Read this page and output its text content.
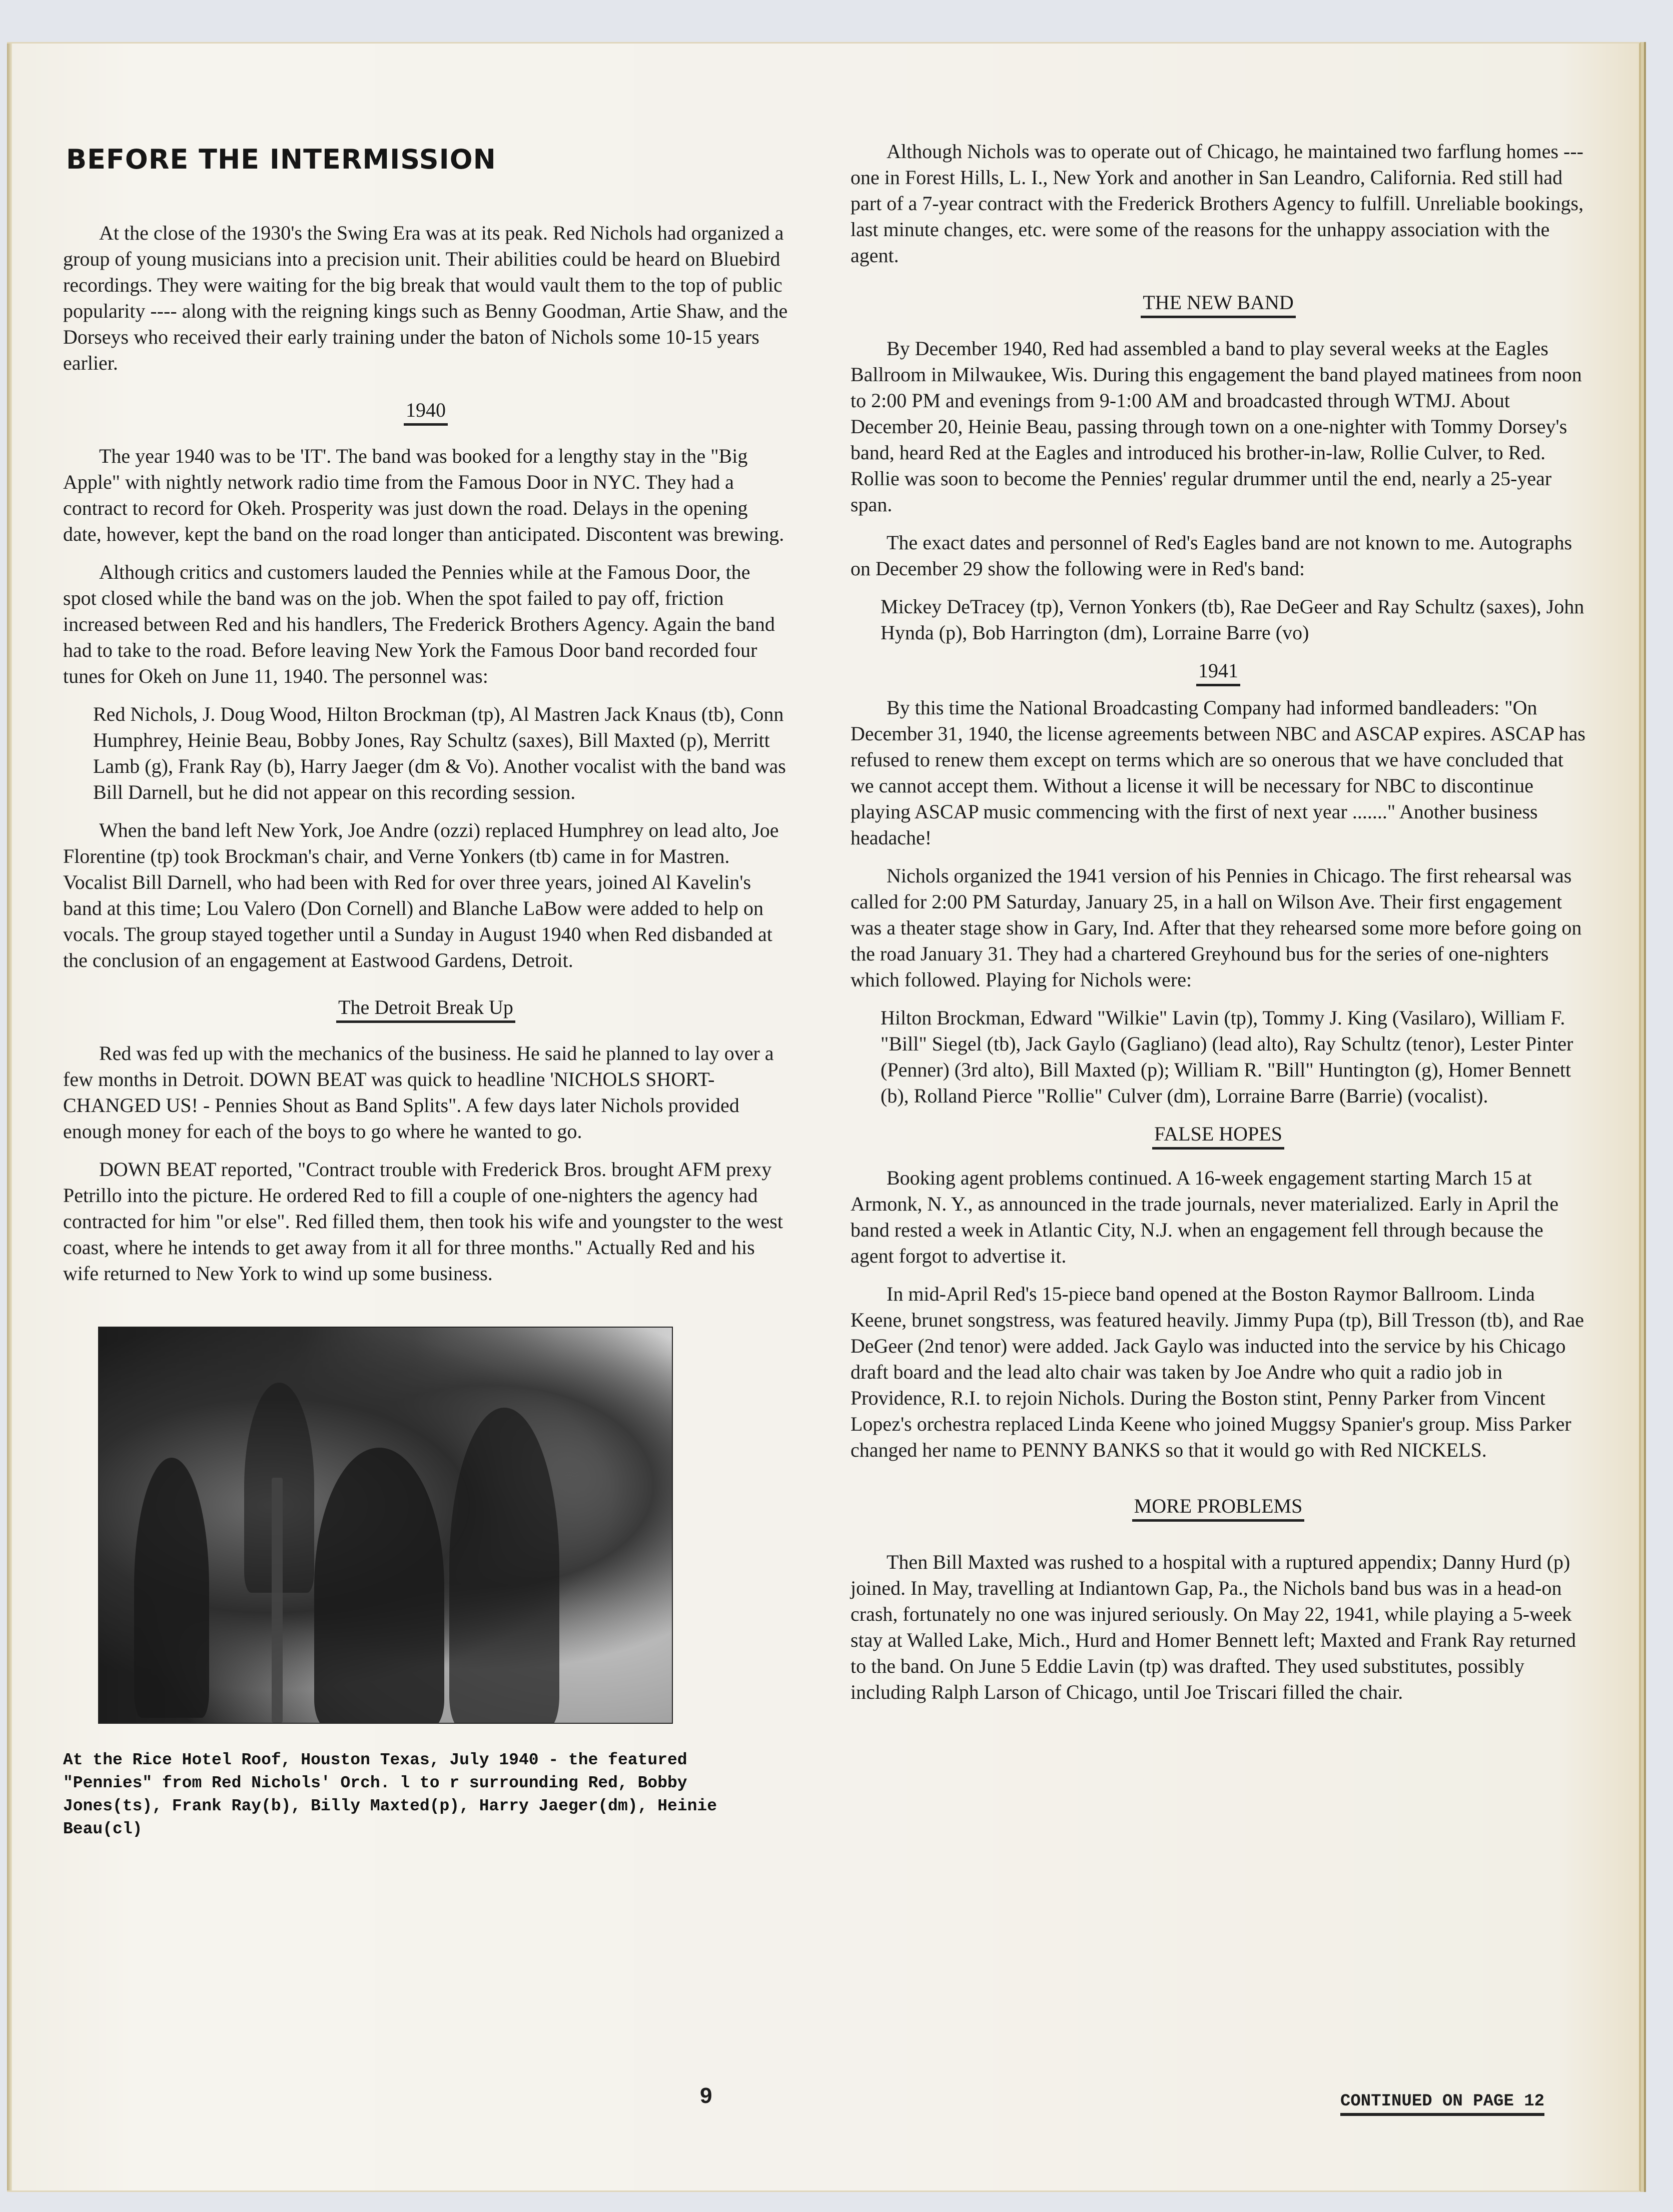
BEFORE THE INTERMISSION

At the close of the 1930's the Swing Era was at its peak. Red Nichols had organized a group of young musicians into a precision unit. Their abilities could be heard on Bluebird recordings. They were waiting for the big break that would vault them to the top of public popularity ---- along with the reigning kings such as Benny Goodman, Artie Shaw, and the Dorseys who received their early training under the baton of Nichols some 10-15 years earlier.

1940

The year 1940 was to be 'IT'. The band was booked for a lengthy stay in the "Big Apple" with nightly network radio time from the Famous Door in NYC. They had a contract to record for Okeh. Prosperity was just down the road. Delays in the opening date, however, kept the band on the road longer than anticipated. Discontent was brewing.

Although critics and customers lauded the Pennies while at the Famous Door, the spot closed while the band was on the job. When the spot failed to pay off, friction increased between Red and his handlers, The Frederick Brothers Agency. Again the band had to take to the road. Before leaving New York the Famous Door band recorded four tunes for Okeh on June 11, 1940. The personnel was:

Red Nichols, J. Doug Wood, Hilton Brockman (tp), Al Mastren Jack Knaus (tb), Conn Humphrey, Heinie Beau, Bobby Jones, Ray Schultz (saxes), Bill Maxted (p), Merritt Lamb (g), Frank Ray (b), Harry Jaeger (dm & Vo). Another vocalist with the band was Bill Darnell, but he did not appear on this recording session.

When the band left New York, Joe Andre (ozzi) replaced Humphrey on lead alto, Joe Florentine (tp) took Brockman's chair, and Verne Yonkers (tb) came in for Mastren. Vocalist Bill Darnell, who had been with Red for over three years, joined Al Kavelin's band at this time; Lou Valero (Don Cornell) and Blanche LaBow were added to help on vocals. The group stayed together until a Sunday in August 1940 when Red disbanded at the conclusion of an engagement at Eastwood Gardens, Detroit.

The Detroit Break Up

Red was fed up with the mechanics of the business. He said he planned to lay over a few months in Detroit. DOWN BEAT was quick to headline 'NICHOLS SHORT-CHANGED US! - Pennies Shout as Band Splits". A few days later Nichols provided enough money for each of the boys to go where he wanted to go.

DOWN BEAT reported, "Contract trouble with Frederick Bros. brought AFM prexy Petrillo into the picture. He ordered Red to fill a couple of one-nighters the agency had contracted for him "or else". Red filled them, then took his wife and youngster to the west coast, where he intends to get away from it all for three months." Actually Red and his wife returned to New York to wind up some business.

At the Rice Hotel Roof, Houston Texas, July 1940 - the featured "Pennies" from Red Nichols' Orch. l to r surrounding Red, Bobby Jones(ts), Frank Ray(b), Billy Maxted(p), Harry Jaeger(dm), Heinie Beau(cl)

Although Nichols was to operate out of Chicago, he maintained two farflung homes --- one in Forest Hills, L. I., New York and another in San Leandro, California. Red still had part of a 7-year contract with the Frederick Brothers Agency to fulfill. Unreliable bookings, last minute changes, etc. were some of the reasons for the unhappy association with the agent.

THE NEW BAND

By December 1940, Red had assembled a band to play several weeks at the Eagles Ballroom in Milwaukee, Wis. During this engagement the band played matinees from noon to 2:00 PM and evenings from 9-1:00 AM and broadcasted through WTMJ. About December 20, Heinie Beau, passing through town on a one-nighter with Tommy Dorsey's band, heard Red at the Eagles and introduced his brother-in-law, Rollie Culver, to Red. Rollie was soon to become the Pennies' regular drummer until the end, nearly a 25-year span.

The exact dates and personnel of Red's Eagles band are not known to me. Autographs on December 29 show the following were in Red's band:

Mickey DeTracey (tp), Vernon Yonkers (tb), Rae DeGeer and Ray Schultz (saxes), John Hynda (p), Bob Harrington (dm), Lorraine Barre (vo)

1941

By this time the National Broadcasting Company had informed bandleaders: "On December 31, 1940, the license agreements between NBC and ASCAP expires. ASCAP has refused to renew them except on terms which are so onerous that we have concluded that we cannot accept them. Without a license it will be necessary for NBC to discontinue playing ASCAP music commencing with the first of next year ......." Another business headache!

Nichols organized the 1941 version of his Pennies in Chicago. The first rehearsal was called for 2:00 PM Saturday, January 25, in a hall on Wilson Ave. Their first engagement was a theater stage show in Gary, Ind. After that they rehearsed some more before going on the road January 31. They had a chartered Greyhound bus for the series of one-nighters which followed. Playing for Nichols were:

Hilton Brockman, Edward "Wilkie" Lavin (tp), Tommy J. King (Vasilaro), William F. "Bill" Siegel (tb), Jack Gaylo (Gagliano) (lead alto), Ray Schultz (tenor), Lester Pinter (Penner) (3rd alto), Bill Maxted (p); William R. "Bill" Huntington (g), Homer Bennett (b), Rolland Pierce "Rollie" Culver (dm), Lorraine Barre (Barrie) (vocalist).

FALSE HOPES

Booking agent problems continued. A 16-week engagement starting March 15 at Armonk, N. Y., as announced in the trade journals, never materialized. Early in April the band rested a week in Atlantic City, N.J. when an engagement fell through because the agent forgot to advertise it.

In mid-April Red's 15-piece band opened at the Boston Raymor Ballroom. Linda Keene, brunet songstress, was featured heavily. Jimmy Pupa (tp), Bill Tresson (tb), and Rae DeGeer (2nd tenor) were added. Jack Gaylo was inducted into the service by his Chicago draft board and the lead alto chair was taken by Joe Andre who quit a radio job in Providence, R.I. to rejoin Nichols. During the Boston stint, Penny Parker from Vincent Lopez's orchestra replaced Linda Keene who joined Muggsy Spanier's group. Miss Parker changed her name to PENNY BANKS so that it would go with Red NICKELS.

MORE PROBLEMS

Then Bill Maxted was rushed to a hospital with a ruptured appendix; Danny Hurd (p) joined. In May, travelling at Indiantown Gap, Pa., the Nichols band bus was in a head-on crash, fortunately no one was injured seriously. On May 22, 1941, while playing a 5-week stay at Walled Lake, Mich., Hurd and Homer Bennett left; Maxted and Frank Ray returned to the band. On June 5 Eddie Lavin (tp) was drafted. They used substitutes, possibly including Ralph Larson of Chicago, until Joe Triscari filled the chair.

9	CONTINUED ON PAGE 12
